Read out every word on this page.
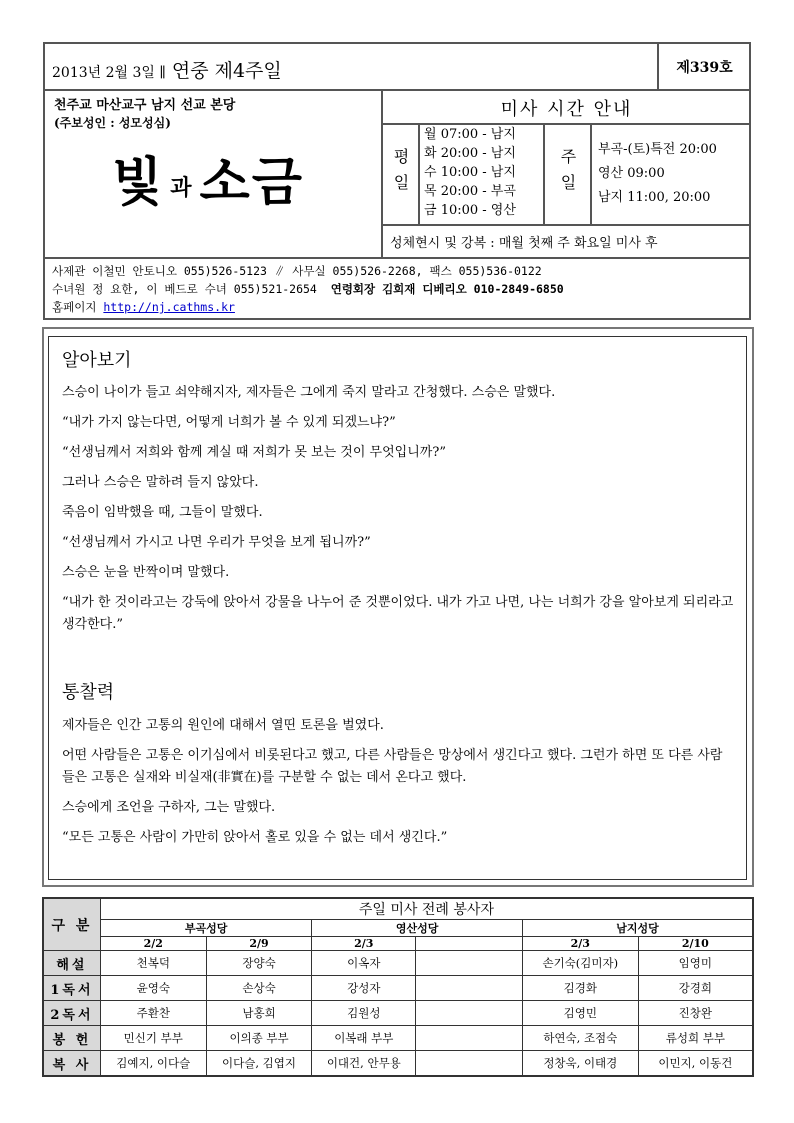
2013년 2월 3일 ∥ 연중 제4주일	제339호
천주교 마산교구 남지 선교 본당
(주보성인 : 성모성심)
빛과 소금
미사 시간 안내
평일
월 07:00 - 남지
화 20:00 - 남지
수 10:00 - 남지
목 20:00 - 부곡
금 10:00 - 영산
주일	부곡-(토)특전 20:00
영산 09:00
남지 11:00, 20:00
성체현시 및 강복 : 매월 첫째 주 화요일 미사 후
사제관 이철민 안토니오 055)526-5123 ∥ 사무실 055)526-2268, 팩스 055)536-0122
수녀원 정 요한, 이 베드로 수녀 055)521-2654 연령회장 김희재 디베리오 010-2849-6850
홈페이지 http://nj.cathms.kr
알아보기
스승이 나이가 들고 쇠약해지자, 제자들은 그에게 죽지 말라고 간청했다. 스승은 말했다.
“내가 가지 않는다면, 어떻게 너희가 볼 수 있게 되겠느냐?”
“선생님께서 저희와 함께 계실 때 저희가 못 보는 것이 무엇입니까?”
그러나 스승은 말하려 들지 않았다.
죽음이 임박했을 때, 그들이 말했다.
“선생님께서 가시고 나면 우리가 무엇을 보게 됩니까?”
스승은 눈을 반짝이며 말했다.
“내가 한 것이라고는 강둑에 앉아서 강물을 나누어 준 것뿐이었다. 내가 가고 나면, 나는 너희가 강을 알아보게 되리라고 생각한다.”
통찰력
제자들은 인간 고통의 원인에 대해서 열띤 토론을 벌였다.
어떤 사람들은 고통은 이기심에서 비롯된다고 했고, 다른 사람들은 망상에서 생긴다고 했다. 그런가 하면 또 다른 사람들은 고통은 실재와 비실재(非實在)를 구분할 수 없는 데서 온다고 했다.
스승에게 조언을 구하자, 그는 말했다.
“모든 고통은 사람이 가만히 앉아서 홀로 있을 수 없는 데서 생긴다.”
구 분	주일 미사 전례 봉사자					
	부곡성당		영산성당		남지성당	
	2/2	2/9	2/3		2/3	2/10
해설	천복덕	장양숙	이옥자		손기숙(김미자)	임영미
1독서	윤영숙	손상숙	강성자		김경화	강경희
2독서	주환찬	남홍희	김원성		김영민	진창완
봉 헌	민신기 부부	이의종 부부	이복래 부부		하연숙, 조점숙	류성희 부부
복 사	김예지, 이다슬	이다슬, 김엽지	이대건, 안무용		정창욱, 이태경	이민지, 이동건
